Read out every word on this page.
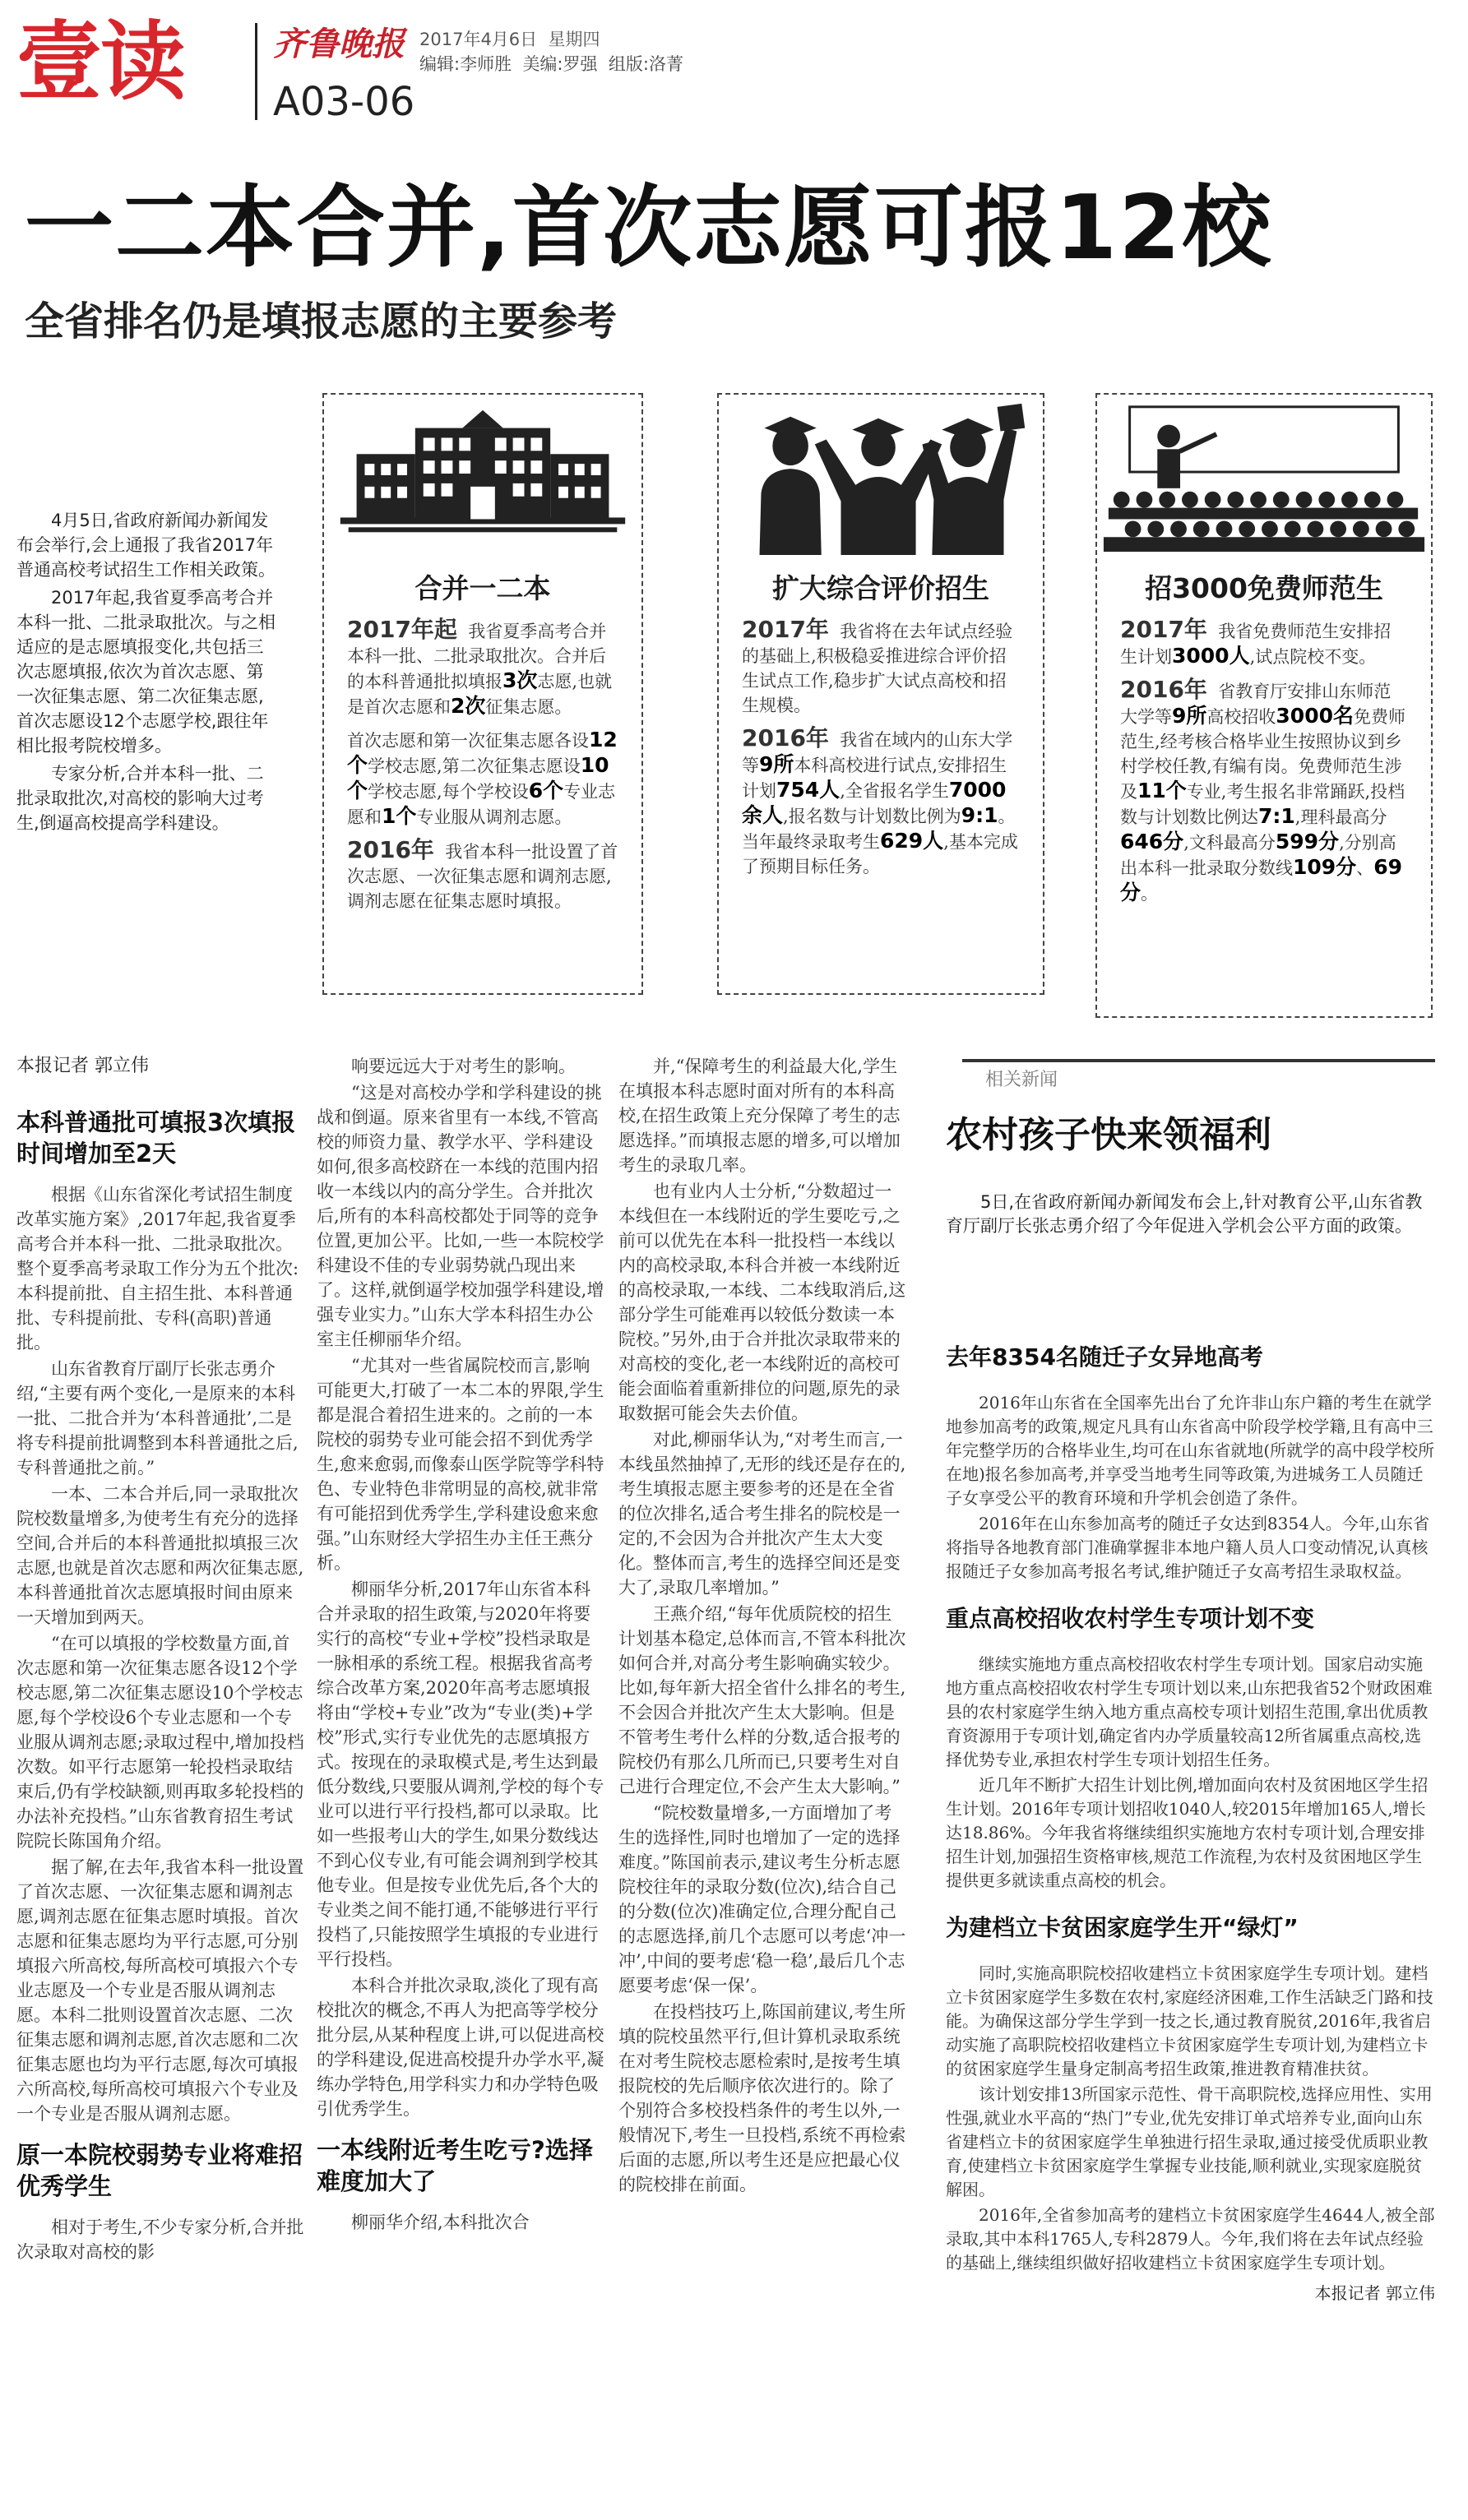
壹读	齐鲁晚报 2017年4月6日 星期四
编辑:李师胜 美编:罗强 组版:洛菁
A03-06
一二本合并,首次志愿可报12校
全省排名仍是填报志愿的主要参考

4月5日,省政府新闻办新闻发布会举行,会上通报了我省2017年普通高校考试招生工作相关政策。

2017年起,我省夏季高考合并本科一批、二批录取批次。与之相适应的是志愿填报变化,共包括三次志愿填报,依次为首次志愿、第一次征集志愿、第二次征集志愿,首次志愿设12个志愿学校,跟往年相比报考院校增多。

专家分析,合并本科一批、二批录取批次,对高校的影响大过考生,倒逼高校提高学科建设。

合并一二本

2017年起 我省夏季高考合并本科一批、二批录取批次。合并后的本科普通批拟填报3次志愿,也就是首次志愿和2次征集志愿。

首次志愿和第一次征集志愿各设12个学校志愿,第二次征集志愿设10个学校志愿,每个学校设6个专业志愿和1个专业服从调剂志愿。

2016年 我省本科一批设置了首次志愿、一次征集志愿和调剂志愿,调剂志愿在征集志愿时填报。

扩大综合评价招生

2017年 我省将在去年试点经验的基础上,积极稳妥推进综合评价招生试点工作,稳步扩大试点高校和招生规模。

2016年 我省在域内的山东大学等9所本科高校进行试点,安排招生计划754人,全省报名学生7000余人,报名数与计划数比例为9:1。当年最终录取考生629人,基本完成了预期目标任务。

招3000免费师范生

2017年 我省免费师范生安排招生计划3000人,试点院校不变。

2016年 省教育厅安排山东师范大学等9所高校招收3000名免费师范生,经考核合格毕业生按照协议到乡村学校任教,有编有岗。免费师范生涉及11个专业,考生报名非常踊跃,投档数与计划数比例达7:1,理科最高分646分,文科最高分599分,分别高出本科一批录取分数线109分、69分。

本报记者 郭立伟
本科普通批可填报3次填报时间增加至2天

根据《山东省深化考试招生制度改革实施方案》,2017年起,我省夏季高考合并本科一批、二批录取批次。整个夏季高考录取工作分为五个批次:本科提前批、自主招生批、本科普通批、专科提前批、专科(高职)普通批。

山东省教育厅副厅长张志勇介绍,“主要有两个变化,一是原来的本科一批、二批合并为‘本科普通批’,二是将专科提前批调整到本科普通批之后,专科普通批之前。”

一本、二本合并后,同一录取批次院校数量增多,为使考生有充分的选择空间,合并后的本科普通批拟填报三次志愿,也就是首次志愿和两次征集志愿,本科普通批首次志愿填报时间由原来一天增加到两天。

“在可以填报的学校数量方面,首次志愿和第一次征集志愿各设12个学校志愿,第二次征集志愿设10个学校志愿,每个学校设6个专业志愿和一个专业服从调剂志愿;录取过程中,增加投档次数。如平行志愿第一轮投档录取结束后,仍有学校缺额,则再取多轮投档的办法补充投档。”山东省教育招生考试院院长陈国角介绍。

据了解,在去年,我省本科一批设置了首次志愿、一次征集志愿和调剂志愿,调剂志愿在征集志愿时填报。首次志愿和征集志愿均为平行志愿,可分别填报六所高校,每所高校可填报六个专业志愿及一个专业是否服从调剂志愿。本科二批则设置首次志愿、二次征集志愿和调剂志愿,首次志愿和二次征集志愿也均为平行志愿,每次可填报六所高校,每所高校可填报六个专业及一个专业是否服从调剂志愿。

原一本院校弱势专业将难招优秀学生

相对于考生,不少专家分析,合并批次录取对高校的影

响要远远大于对考生的影响。

“这是对高校办学和学科建设的挑战和倒逼。原来省里有一本线,不管高校的师资力量、教学水平、学科建设如何,很多高校跻在一本线的范围内招收一本线以内的高分学生。合并批次后,所有的本科高校都处于同等的竞争位置,更加公平。比如,一些一本院校学科建设不佳的专业弱势就凸现出来了。这样,就倒逼学校加强学科建设,增强专业实力。”山东大学本科招生办公室主任柳丽华介绍。

“尤其对一些省属院校而言,影响可能更大,打破了一本二本的界限,学生都是混合着招生进来的。之前的一本院校的弱势专业可能会招不到优秀学生,愈来愈弱,而像泰山医学院等学科特色、专业特色非常明显的高校,就非常有可能招到优秀学生,学科建设愈来愈强。”山东财经大学招生办主任王燕分析。

柳丽华分析,2017年山东省本科合并录取的招生政策,与2020年将要实行的高校“专业+学校”投档录取是一脉相承的系统工程。根据我省高考综合改革方案,2020年高考志愿填报将由“学校+专业”改为“专业(类)+学校”形式,实行专业优先的志愿填报方式。按现在的录取模式是,考生达到最低分数线,只要服从调剂,学校的每个专业可以进行平行投档,都可以录取。比如一些报考山大的学生,如果分数线达不到心仪专业,有可能会调剂到学校其他专业。但是按专业优先后,各个大的专业类之间不能打通,不能够进行平行投档了,只能按照学生填报的专业进行平行投档。

本科合并批次录取,淡化了现有高校批次的概念,不再人为把高等学校分批分层,从某种程度上讲,可以促进高校的学科建设,促进高校提升办学水平,凝练办学特色,用学科实力和办学特色吸引优秀学生。

一本线附近考生吃亏?选择难度加大了

柳丽华介绍,本科批次合

并,“保障考生的利益最大化,学生在填报本科志愿时面对所有的本科高校,在招生政策上充分保障了考生的志愿选择。”而填报志愿的增多,可以增加考生的录取几率。

也有业内人士分析,“分数超过一本线但在一本线附近的学生要吃亏,之前可以优先在本科一批投档一本线以内的高校录取,本科合并被一本线附近的高校录取,一本线、二本线取消后,这部分学生可能难再以较低分数读一本院校。”另外,由于合并批次录取带来的对高校的变化,老一本线附近的高校可能会面临着重新排位的问题,原先的录取数据可能会失去价值。

对此,柳丽华认为,“对考生而言,一本线虽然抽掉了,无形的线还是存在的,考生填报志愿主要参考的还是在全省的位次排名,适合考生排名的院校是一定的,不会因为合并批次产生太大变化。整体而言,考生的选择空间还是变大了,录取几率增加。”

王燕介绍,“每年优质院校的招生计划基本稳定,总体而言,不管本科批次如何合并,对高分考生影响确实较少。比如,每年新大招全省什么排名的考生,不会因合并批次产生太大影响。但是不管考生考什么样的分数,适合报考的院校仍有那么几所而已,只要考生对自己进行合理定位,不会产生太大影响。”

“院校数量增多,一方面增加了考生的选择性,同时也增加了一定的选择难度。”陈国前表示,建议考生分析志愿院校往年的录取分数(位次),结合自己的分数(位次)准确定位,合理分配自己的志愿选择,前几个志愿可以考虑‘冲一冲’,中间的要考虑‘稳一稳’,最后几个志愿要考虑‘保一保’。

在投档技巧上,陈国前建议,考生所填的院校虽然平行,但计算机录取系统在对考生院校志愿检索时,是按考生填报院校的先后顺序依次进行的。除了个别符合多校投档条件的考生以外,一般情况下,考生一旦投档,系统不再检索后面的志愿,所以考生还是应把最心仪的院校排在前面。

相关新闻
农村孩子快来领福利
5日,在省政府新闻办新闻发布会上,针对教育公平,山东省教育厅副厅长张志勇介绍了今年促进入学机会公平方面的政策。
去年8354名随迁子女异地高考

2016年山东省在全国率先出台了允许非山东户籍的考生在就学地参加高考的政策,规定凡具有山东省高中阶段学校学籍,且有高中三年完整学历的合格毕业生,均可在山东省就地(所就学的高中段学校所在地)报名参加高考,并享受当地考生同等政策,为进城务工人员随迁子女享受公平的教育环境和升学机会创造了条件。

2016年在山东参加高考的随迁子女达到8354人。今年,山东省将指导各地教育部门准确掌握非本地户籍人员人口变动情况,认真核报随迁子女参加高考报名考试,维护随迁子女高考招生录取权益。

重点高校招收农村学生专项计划不变

继续实施地方重点高校招收农村学生专项计划。国家启动实施地方重点高校招收农村学生专项计划以来,山东把我省52个财政困难县的农村家庭学生纳入地方重点高校专项计划招生范围,拿出优质教育资源用于专项计划,确定省内办学质量较高12所省属重点高校,选择优势专业,承担农村学生专项计划招生任务。

近几年不断扩大招生计划比例,增加面向农村及贫困地区学生招生计划。2016年专项计划招收1040人,较2015年增加165人,增长达18.86%。今年我省将继续组织实施地方农村专项计划,合理安排招生计划,加强招生资格审核,规范工作流程,为农村及贫困地区学生提供更多就读重点高校的机会。

为建档立卡贫困家庭学生开“绿灯”

同时,实施高职院校招收建档立卡贫困家庭学生专项计划。建档立卡贫困家庭学生多数在农村,家庭经济困难,工作生活缺乏门路和技能。为确保这部分学生学到一技之长,通过教育脱贫,2016年,我省启动实施了高职院校招收建档立卡贫困家庭学生专项计划,为建档立卡的贫困家庭学生量身定制高考招生政策,推进教育精准扶贫。

该计划安排13所国家示范性、骨干高职院校,选择应用性、实用性强,就业水平高的“热门”专业,优先安排订单式培养专业,面向山东省建档立卡的贫困家庭学生单独进行招生录取,通过接受优质职业教育,使建档立卡贫困家庭学生掌握专业技能,顺利就业,实现家庭脱贫解困。

2016年,全省参加高考的建档立卡贫困家庭学生4644人,被全部录取,其中本科1765人,专科2879人。今年,我们将在去年试点经验的基础上,继续组织做好招收建档立卡贫困家庭学生专项计划。

本报记者 郭立伟
